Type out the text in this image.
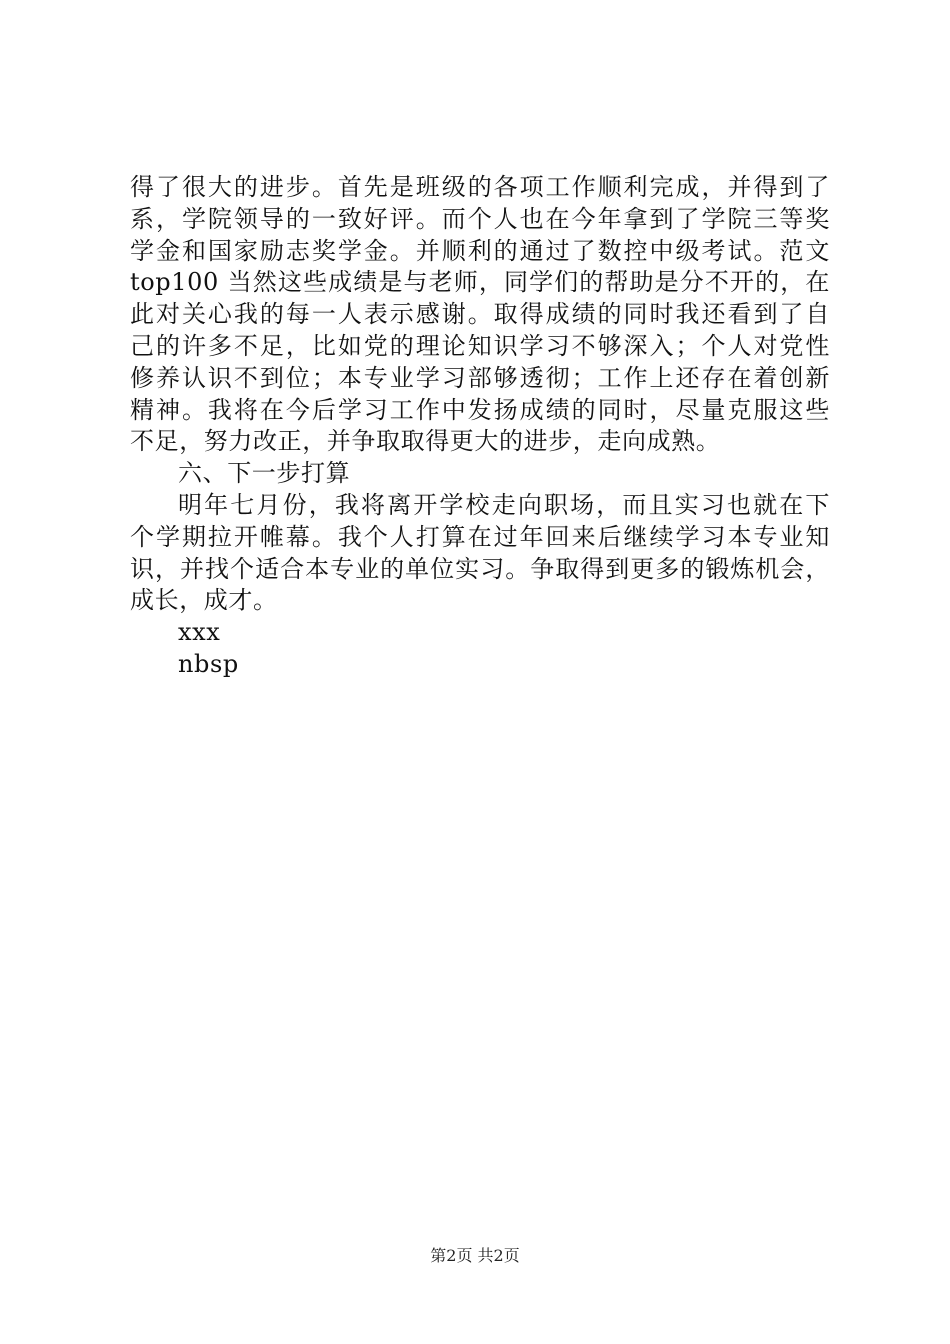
得了很大的进步。首先是班级的各项工作顺利完成，并得到了
系，学院领导的一致好评。而个人也在今年拿到了学院三等奖
学金和国家励志奖学金。并顺利的通过了数控中级考试。范文
top100 当然这些成绩是与老师，同学们的帮助是分不开的，在
此对关心我的每一人表示感谢。取得成绩的同时我还看到了自
己的许多不足，比如党的理论知识学习不够深入；个人对党性
修养认识不到位；本专业学习部够透彻；工作上还存在着创新
精神。我将在今后学习工作中发扬成绩的同时，尽量克服这些
不足，努力改正，并争取取得更大的进步，走向成熟。
六、下一步打算
明年七月份，我将离开学校走向职场，而且实习也就在下
个学期拉开帷幕。我个人打算在过年回来后继续学习本专业知
识，并找个适合本专业的单位实习。争取得到更多的锻炼机会，
成长，成才。
xxx
nbsp
第2页 共2页
